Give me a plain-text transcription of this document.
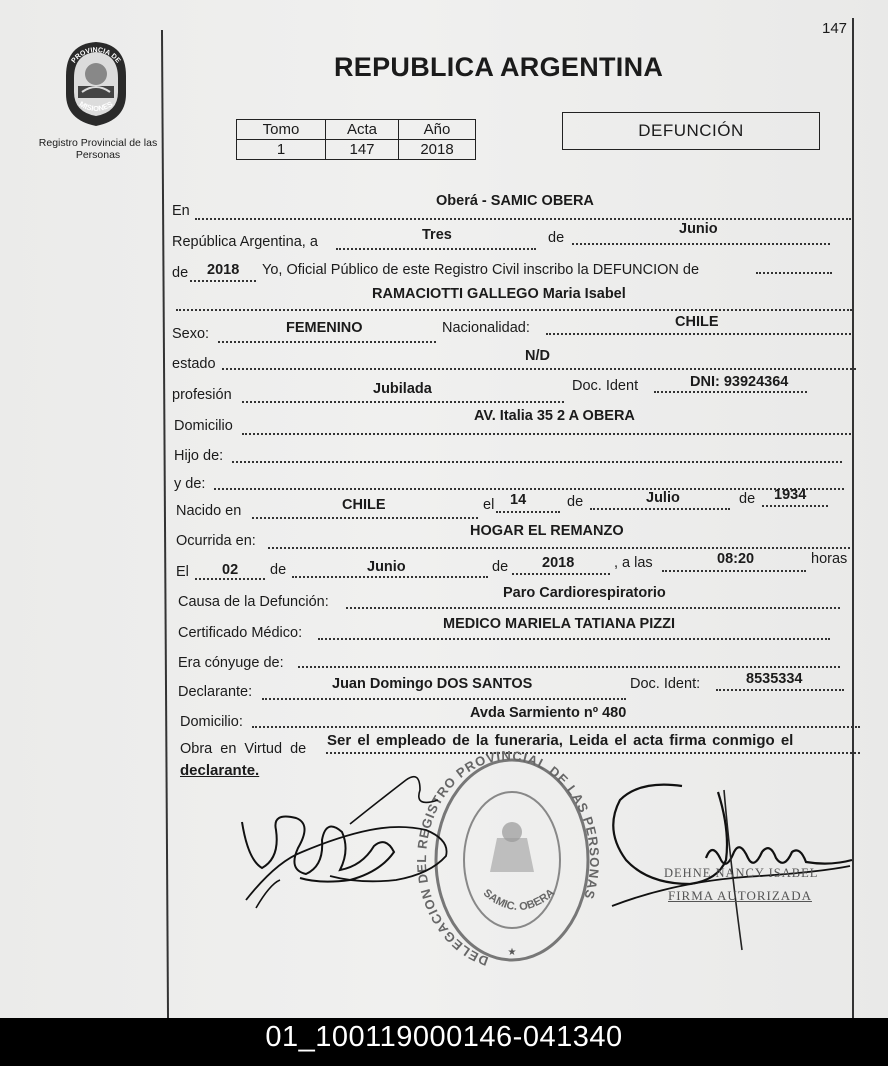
147
PROVINCIA DE
MISIONES
Registro Provincial de las Personas
REPUBLICA ARGENTINA
Tomo	Acta	Año
1	147	2018
DEFUNCIÓN
En
Oberá - SAMIC OBERA
República Argentina, a	Tres	de
Junio
de 2018 Yo, Oficial Público de este Registro Civil inscribo la DEFUNCION de
RAMACIOTTI GALLEGO Maria Isabel
Sexo:	FEMENINO	Nacionalidad:	CHILE
estado	N/D
profesión	Jubilada	Doc. Ident	DNI: 93924364
Domicilio
AV. Italia 35 2 A OBERA
Hijo de:
y de:
Nacido en	CHILE	el 14	de	Julio	de 1934
Ocurrida en:
HOGAR EL REMANZO
El 02 de	Junio	de 2018	, a las	08:20	horas
Causa de la Defunción:
Paro Cardiorespiratorio
Certificado Médico:
MEDICO MARIELA TATIANA PIZZI
Era cónyuge de:
Declarante:	Juan Domingo DOS SANTOS	Doc. Ident:	8535334
Domicilio:
Avda Sarmiento nº 480
Obra en Virtud de Ser el empleado de la funeraria, Leida el acta firma conmigo el
declarante.
DELEGACION DEL REGISTRO PROVINCIAL DE LAS PERSONAS
SAMIC. OBERA
★
DEHNE NANCY ISABEL
FIRMA AUTORIZADA
01_100119000146-041340
